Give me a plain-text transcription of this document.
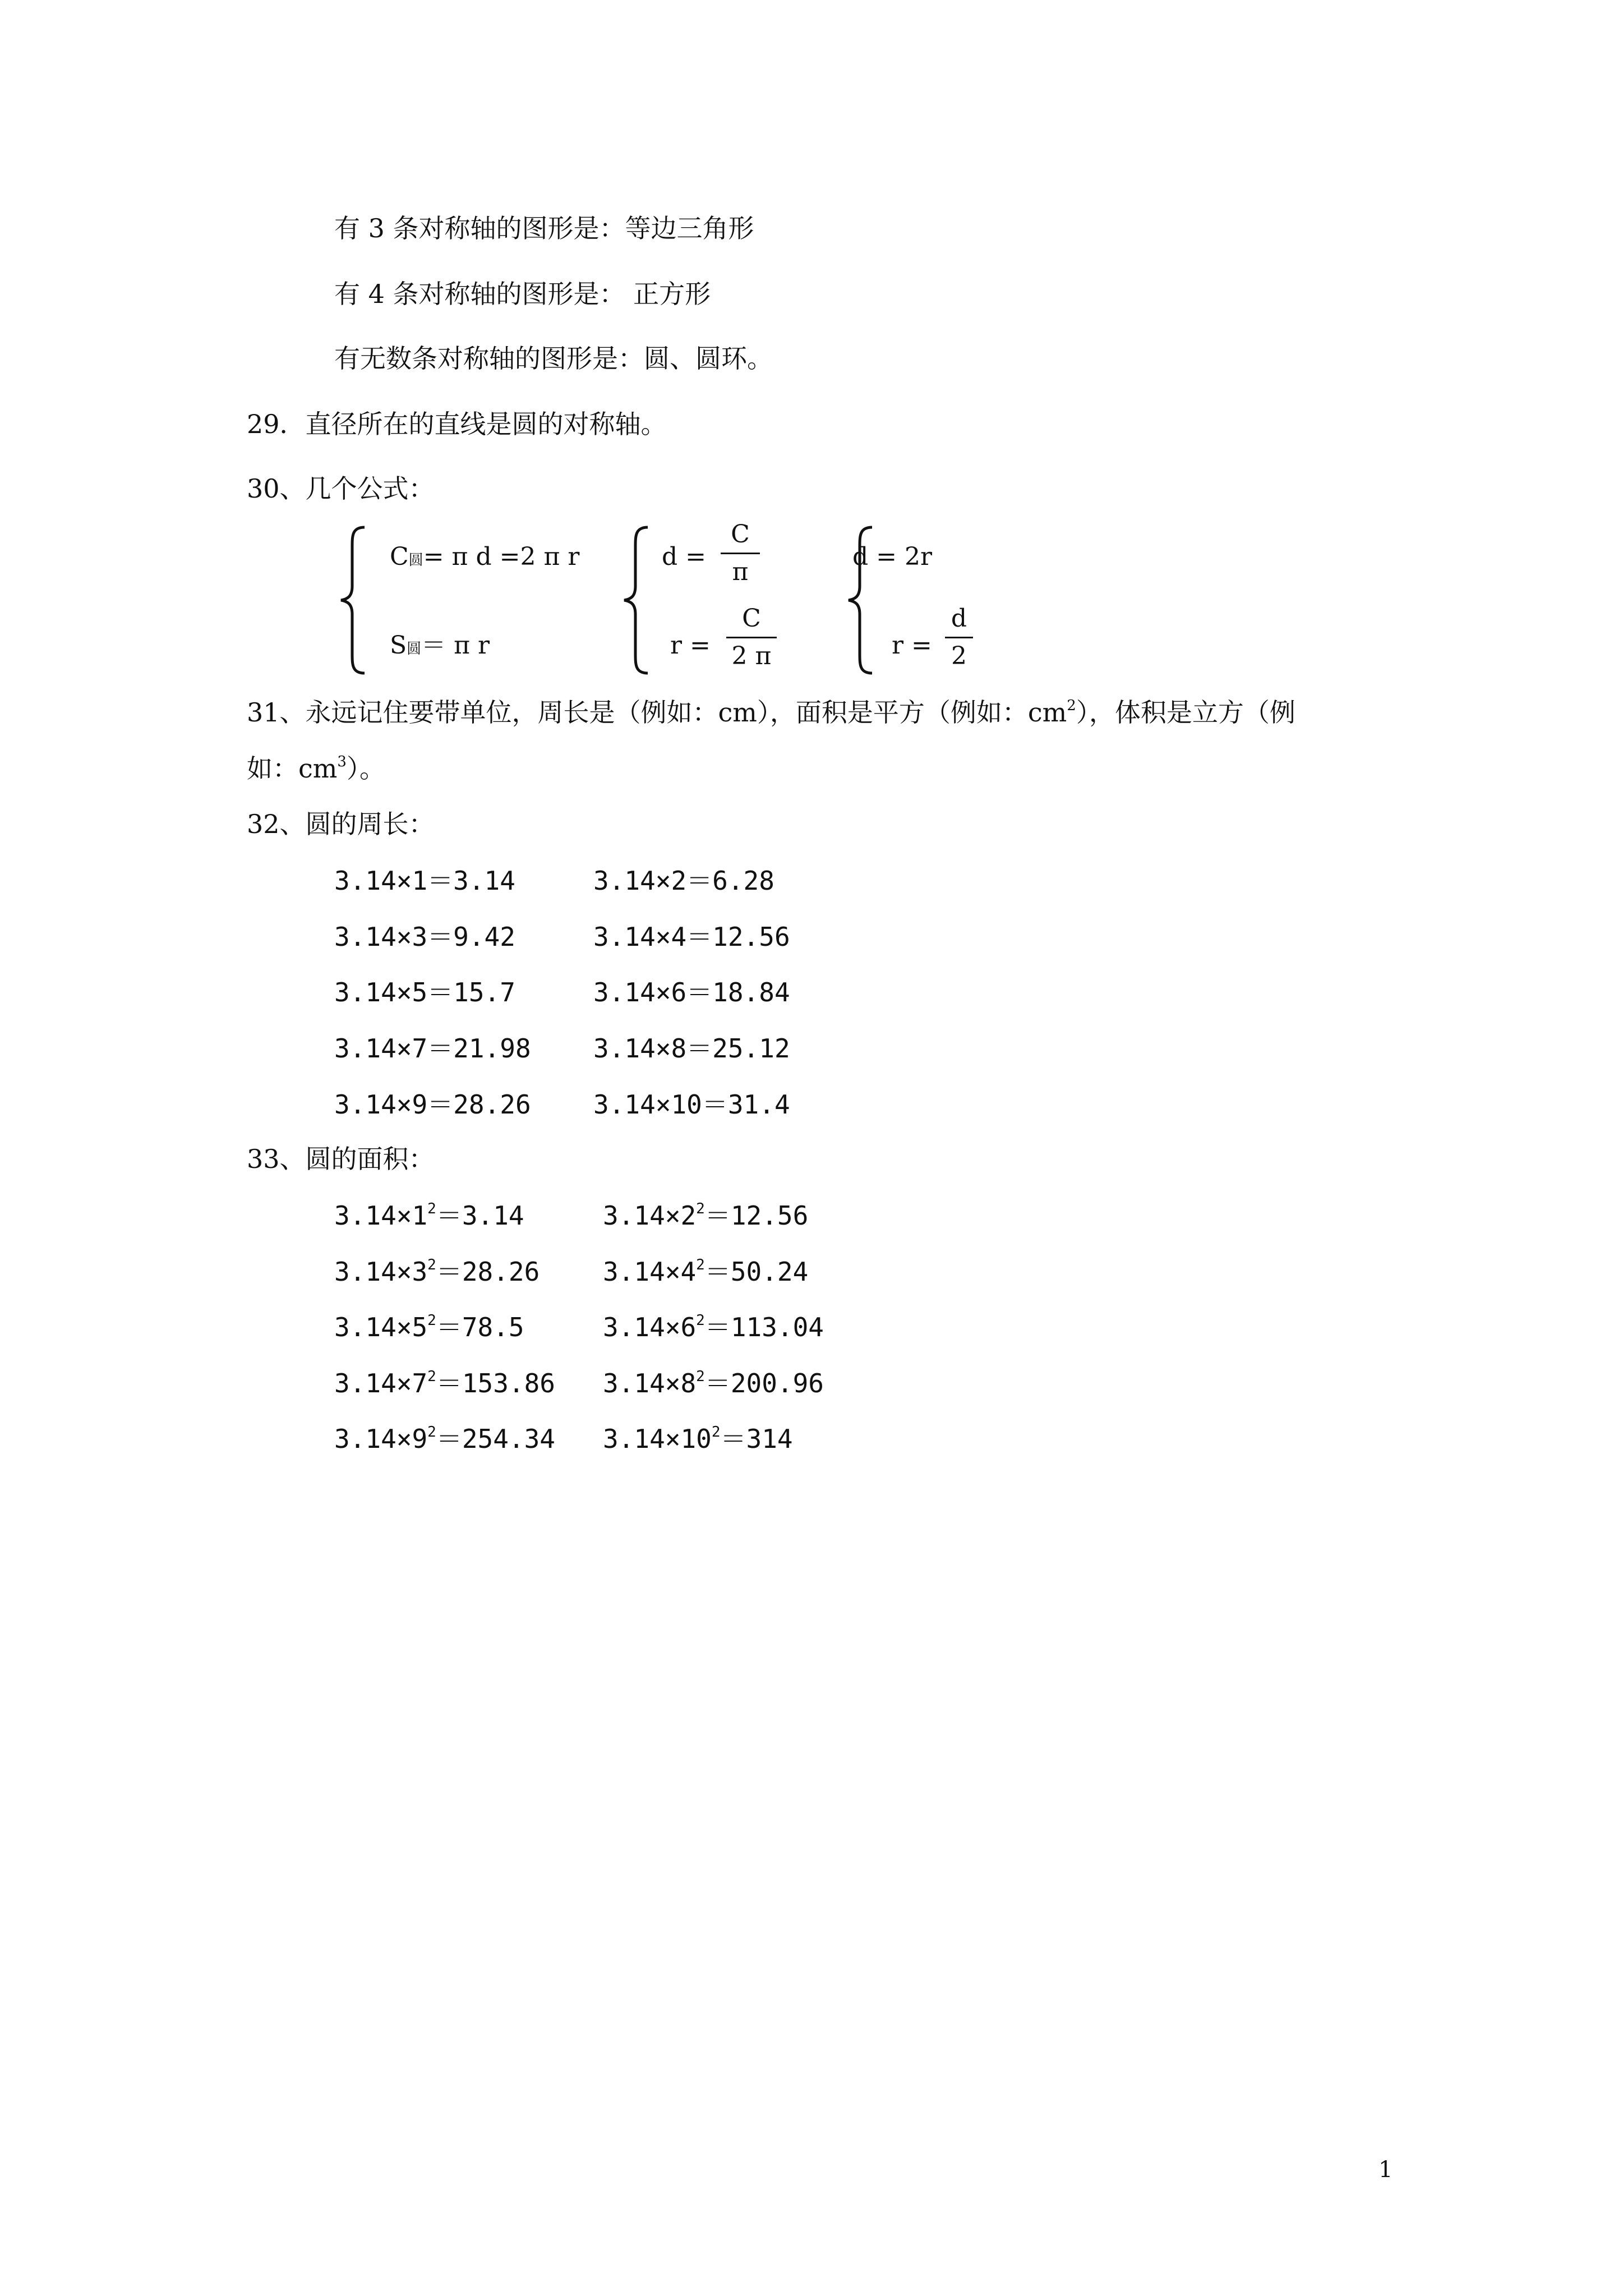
有 3 条对称轴的图形是：等边三角形
有 4 条对称轴的图形是： 正方形
有无数条对称轴的图形是：圆、圆环。
29．直径所在的直线是圆的对称轴。
30、几个公式：
C圆= π d =2 π r
S圆＝ π r
d =
C
π
r =
C
2 π
d = 2r
r =
d
2
31、永远记住要带单位，周长是（例如：cm），面积是平方（例如：$cm^2$），体积是立方（例
如：$cm^3$）。
32、圆的周长：
3.14×1＝3.14	3.14×2＝6.28
3.14×3＝9.42	3.14×4＝12.56
3.14×5＝15.7	3.14×6＝18.84
3.14×7＝21.98 3.14×8＝25.12
3.14×9＝28.26 3.14×10＝31.4
33、圆的面积：
$3.14\times 1^2=3.14$	$3.14\times 2^2=12.56$
$3.14\times 3^2=28.26$ $3.14\times 4^2=50.24$
$3.14\times 5^2=78.5$	$3.14\times 6^2=113.04$
$3.14\times 7^2=153.86$ $3.14\times 8^2=200.96$
$3.14\times 9^2=254.34$ $3.14\times 10^2=314$
1
